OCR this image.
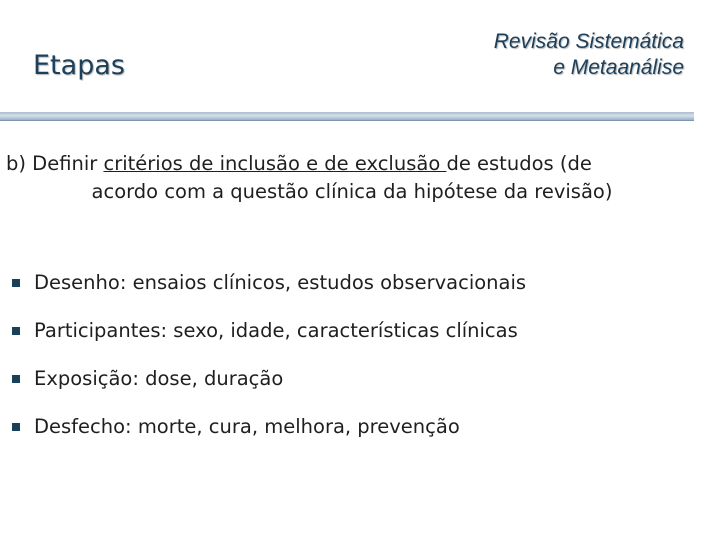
Etapas
Revisão Sistemática
e Metaanálise
b) Definir critérios de inclusão e de exclusão de estudos (de
acordo com a questão clínica da hipótese da revisão)
Desenho: ensaios clínicos, estudos observacionais
Participantes: sexo, idade, características clínicas
Exposição: dose, duração
Desfecho: morte, cura, melhora, prevenção
